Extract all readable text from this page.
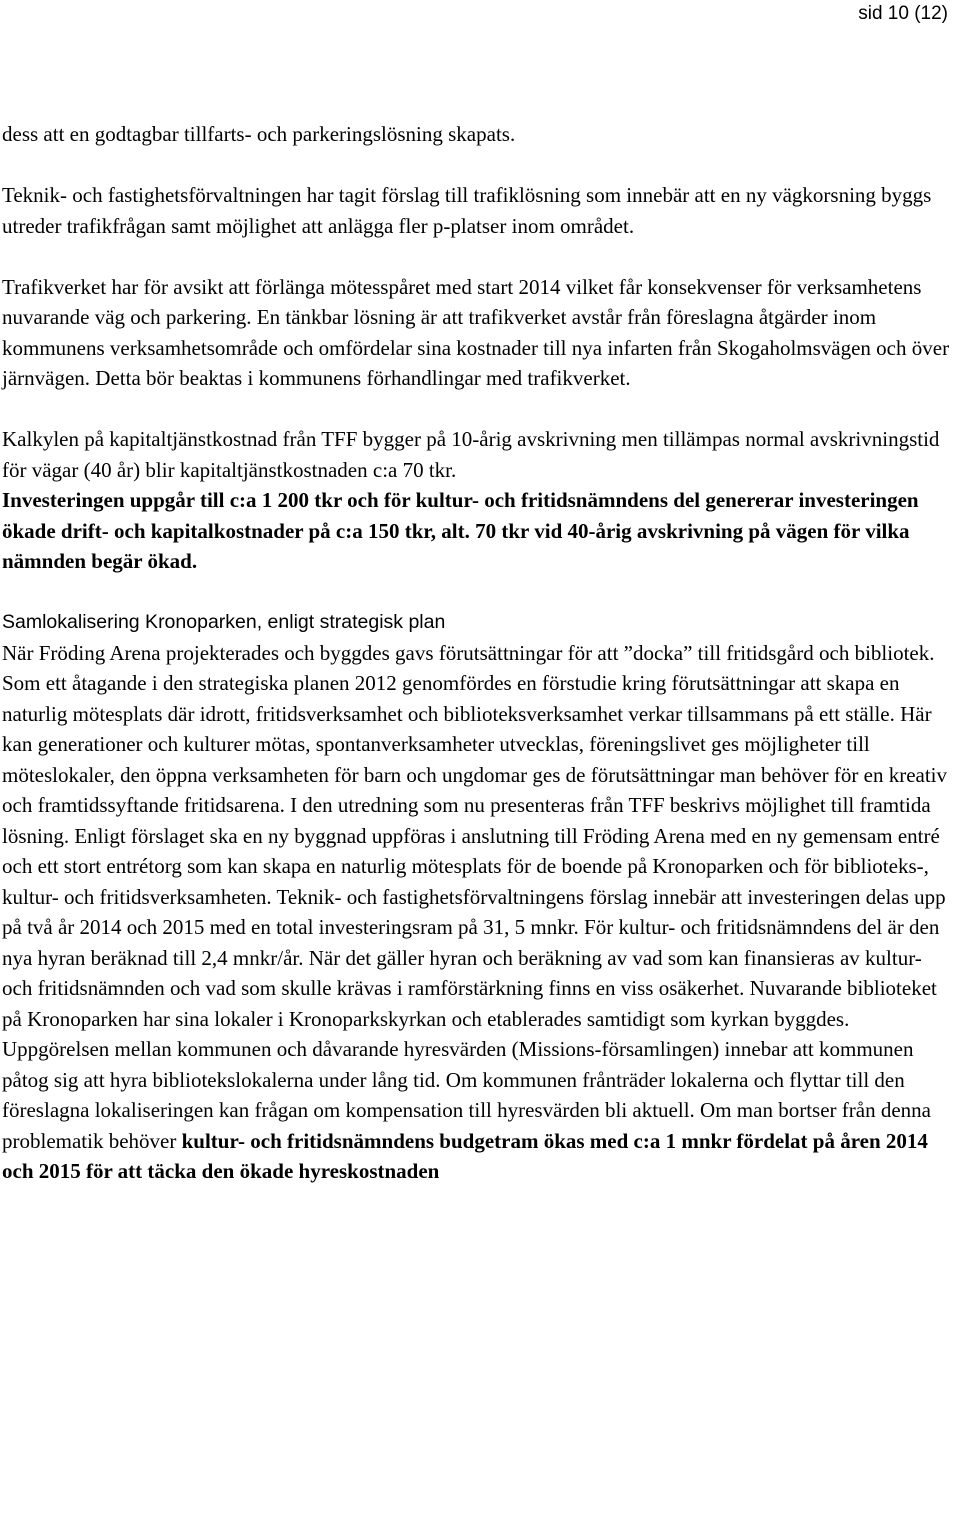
sid 10 (12)

dess att en godtagbar tillfarts- och parkeringslösning skapats.

Teknik- och fastighetsförvaltningen har tagit förslag till trafiklösning som innebär att en ny vägkorsning byggs utreder trafikfrågan samt möjlighet att anlägga fler p-platser inom området.

Trafikverket har för avsikt att förlänga mötesspåret med start 2014 vilket får konsekvenser för verksamhetens nuvarande väg och parkering. En tänkbar lösning är att trafikverket avstår från föreslagna åtgärder inom kommunens verksamhetsområde och omfördelar sina kostnader till nya infarten från Skogaholmsvägen och över järnvägen. Detta bör beaktas i kommunens förhandlingar med trafikverket.

Kalkylen på kapitaltjänstkostnad från TFF bygger på 10-årig avskrivning men tillämpas normal avskrivningstid för vägar (40 år) blir kapitaltjänstkostnaden c:a 70 tkr.

Investeringen uppgår till c:a 1 200 tkr och för kultur- och fritidsnämndens del genererar investeringen ökade drift- och kapitalkostnader på c:a 150 tkr, alt. 70 tkr vid 40-årig avskrivning på vägen för vilka nämnden begär ökad.

Samlokalisering Kronoparken, enligt strategisk plan

När Fröding Arena projekterades och byggdes gavs förutsättningar för att ”docka” till fritidsgård och bibliotek. Som ett åtagande i den strategiska planen 2012 genomfördes en förstudie kring förutsättningar att skapa en naturlig mötesplats där idrott, fritidsverksamhet och biblioteksverksamhet verkar tillsammans på ett ställe. Här kan generationer och kulturer mötas, spontanverksamheter utvecklas, föreningslivet ges möjligheter till möteslokaler, den öppna verksamheten för barn och ungdomar ges de förutsättningar man behöver för en kreativ och framtidssyftande fritidsarena. I den utredning som nu presenteras från TFF beskrivs möjlighet till framtida lösning. Enligt förslaget ska en ny byggnad uppföras i anslutning till Fröding Arena med en ny gemensam entré och ett stort entrétorg som kan skapa en naturlig mötesplats för de boende på Kronoparken och för biblioteks-, kultur- och fritidsverksamheten. Teknik- och fastighetsförvaltningens förslag innebär att investeringen delas upp på två år 2014 och 2015 med en total investeringsram på 31, 5 mnkr. För kultur- och fritidsnämndens del är den nya hyran beräknad till 2,4 mnkr/år. När det gäller hyran och beräkning av vad som kan finansieras av kultur- och fritidsnämnden och vad som skulle krävas i ramförstärkning finns en viss osäkerhet. Nuvarande biblioteket på Kronoparken har sina lokaler i Kronoparkskyrkan och etablerades samtidigt som kyrkan byggdes. Uppgörelsen mellan kommunen och dåvarande hyresvärden (Missions-församlingen) innebar att kommunen påtog sig att hyra bibliotekslokalerna under lång tid. Om kommunen frånträder lokalerna och flyttar till den föreslagna lokaliseringen kan frågan om kompensation till hyresvärden bli aktuell. Om man bortser från denna problematik behöver kultur- och fritidsnämndens budgetram ökas med c:a 1 mnkr fördelat på åren 2014 och 2015 för att täcka den ökade hyreskostnaden
